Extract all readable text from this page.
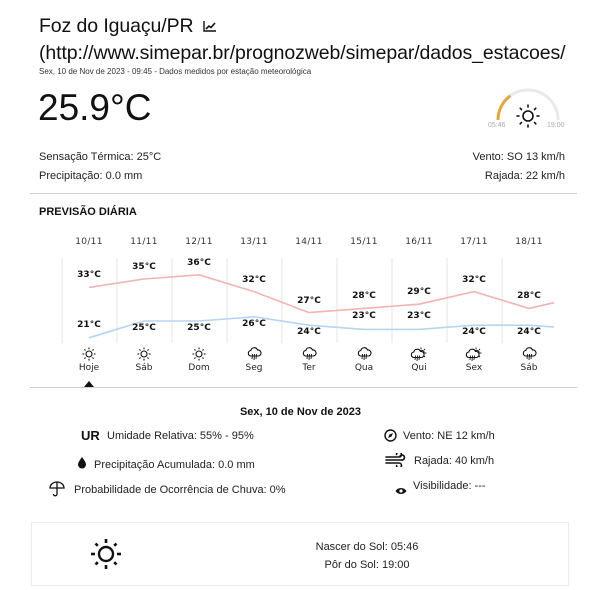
Foz do Iguaçu/PR
(http://www.simepar.br/prognozweb/simepar/dados_estacoes/
Sex, 10 de Nov de 2023 - 09:45 - Dados medidos por estação meteorológica
25.9°C	05:46	19:00
Sensação Térmica: 25°C
Precipitação: 0.0 mm
Vento: SO 13 km/h
Rajada: 22 km/h
PREVISÃO DIÁRIA
33°C
35°C	36°C
32°C
27°C	28°C	29°C
32°C
28°C
21°C	25°C	25°C	26°C
24°C
23°C	23°C
24°C	24°C
10/11
Hoje
11/11
Sáb
12/11
Dom
13/11
Seg
14/11
Ter
15/11
Qua
16/11
Qui
17/11
Sex
18/11
Sáb
Sex, 10 de Nov de 2023
UR Umidade Relativa: 55% - 95%
Precipitação Acumulada: 0.0 mm
Probabilidade de Ocorrência de Chuva: 0%
Vento: NE 12 km/h
Rajada: 40 km/h
Visibilidade: ---
Nascer do Sol: 05:46
Pôr do Sol: 19:00
